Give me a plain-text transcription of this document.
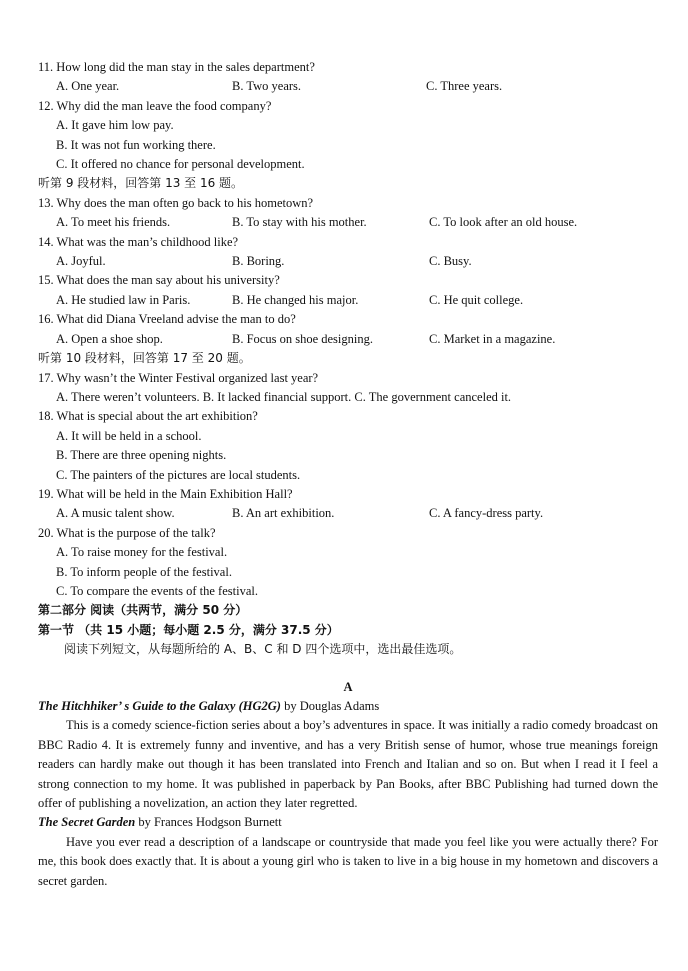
11. How long did the man stay in the sales department?
A. One year.	B. Two years.	C. Three years.
12. Why did the man leave the food company?
A. It gave him low pay.
B. It was not fun working there.
C. It offered no chance for personal development.
听第 9 段材料，回答第 13 至 16 题。
13. Why does the man often go back to his hometown?
A. To meet his friends.	B. To stay with his mother.	C. To look after an old house.
14. What was the man’s childhood like?
A. Joyful.	B. Boring.	C. Busy.
15. What does the man say about his university?
A. He studied law in Paris.	B. He changed his major.	C. He quit college.
16. What did Diana Vreeland advise the man to do?
A. Open a shoe shop.	B. Focus on shoe designing.	C. Market in a magazine.
听第 10 段材料，回答第 17 至 20 题。
17. Why wasn’t the Winter Festival organized last year?
A. There weren’t volunteers. B. It lacked financial support. C. The government canceled it.
18. What is special about the art exhibition?
A. It will be held in a school.
B. There are three opening nights.
C. The painters of the pictures are local students.
19. What will be held in the Main Exhibition Hall?
A. A music talent show.	B. An art exhibition.	C. A fancy-dress party.
20. What is the purpose of the talk?
A. To raise money for the festival.
B. To inform people of the festival.
C. To compare the events of the festival.
第二部分 阅读（共两节，满分 50 分）
第一节 （共 15 小题；每小题 2.5 分，满分 37.5 分）
阅读下列短文，从每题所给的 A、B、C 和 D 四个选项中，选出最佳选项。
A
The Hitchhiker’ s Guide to the Galaxy (HG2G) by Douglas Adams
This is a comedy science-fiction series about a boy’s adventures in space. It was initially a radio comedy broadcast on BBC Radio 4. It is extremely funny and inventive, and has a very British sense of humor, whose true meanings foreign readers can hardly make out though it has been translated into French and Italian and so on. But when I read it I feel a strong connection to my home. It was published in paperback by Pan Books, after BBC Publishing had turned down the offer of publishing a novelization, an action they later regretted.
The Secret Garden by Frances Hodgson Burnett
Have you ever read a description of a landscape or countryside that made you feel like you were actually there? For me, this book does exactly that. It is about a young girl who is taken to live in a big house in my hometown and discovers a secret garden.
